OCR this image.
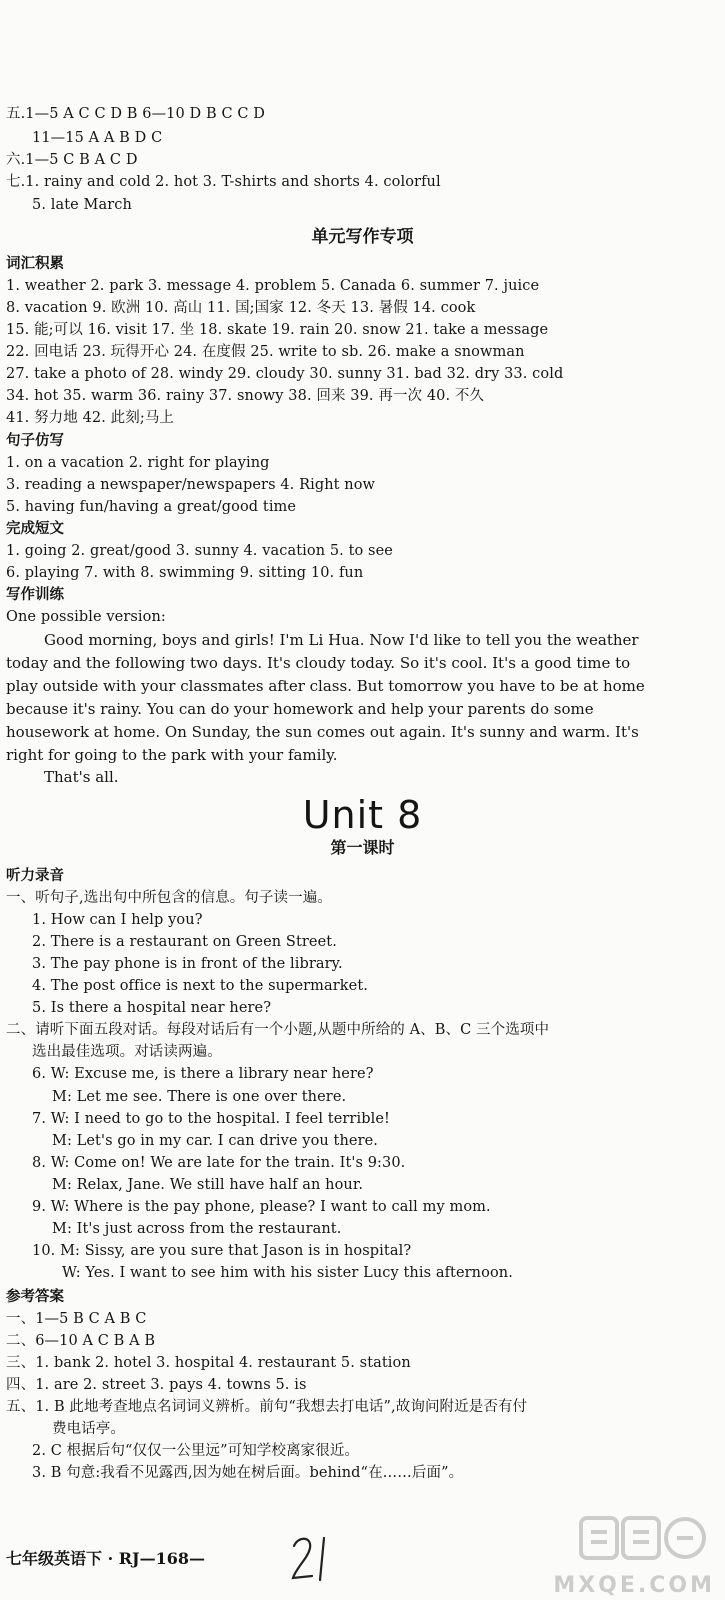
五.1—5 A C C D B 6—10 D B C C D
11—15 A A B D C
六.1—5 C B A C D
七.1. rainy and cold 2. hot 3. T-shirts and shorts 4. colorful
5. late March
单元写作专项
词汇积累
1. weather 2. park 3. message 4. problem 5. Canada 6. summer 7. juice
8. vacation 9. 欧洲 10. 高山 11. 国;国家 12. 冬天 13. 暑假 14. cook
15. 能;可以 16. visit 17. 坐 18. skate 19. rain 20. snow 21. take a message
22. 回电话 23. 玩得开心 24. 在度假 25. write to sb. 26. make a snowman
27. take a photo of 28. windy 29. cloudy 30. sunny 31. bad 32. dry 33. cold
34. hot 35. warm 36. rainy 37. snowy 38. 回来 39. 再一次 40. 不久
41. 努力地 42. 此刻;马上
句子仿写
1. on a vacation 2. right for playing
3. reading a newspaper/newspapers 4. Right now
5. having fun/having a great/good time
完成短文
1. going 2. great/good 3. sunny 4. vacation 5. to see
6. playing 7. with 8. swimming 9. sitting 10. fun
写作训练
One possible version:
Good morning, boys and girls! I'm Li Hua. Now I'd like to tell you the weather
today and the following two days. It's cloudy today. So it's cool. It's a good time to
play outside with your classmates after class. But tomorrow you have to be at home
because it's rainy. You can do your homework and help your parents do some
housework at home. On Sunday, the sun comes out again. It's sunny and warm. It's
right for going to the park with your family.
That's all.
Unit 8
第一课时
听力录音
一、听句子,选出句中所包含的信息。句子读一遍。
1. How can I help you?
2. There is a restaurant on Green Street.
3. The pay phone is in front of the library.
4. The post office is next to the supermarket.
5. Is there a hospital near here?
二、请听下面五段对话。每段对话后有一个小题,从题中所给的 A、B、C 三个选项中
选出最佳选项。对话读两遍。
6. W: Excuse me, is there a library near here?
M: Let me see. There is one over there.
7. W: I need to go to the hospital. I feel terrible!
M: Let's go in my car. I can drive you there.
8. W: Come on! We are late for the train. It's 9:30.
M: Relax, Jane. We still have half an hour.
9. W: Where is the pay phone, please? I want to call my mom.
M: It's just across from the restaurant.
10. M: Sissy, are you sure that Jason is in hospital?
W: Yes. I want to see him with his sister Lucy this afternoon.
参考答案
一、1—5 B C A B C
二、6—10 A C B A B
三、1. bank 2. hotel 3. hospital 4. restaurant 5. station
四、1. are 2. street 3. pays 4. towns 5. is
五、1. B 此地考查地点名词词义辨析。前句“我想去打电话”,故询问附近是否有付
费电话亭。
2. C 根据后句“仅仅一公里远”可知学校离家很近。
3. B 句意:我看不见露西,因为她在树后面。behind“在……后面”。
七年级英语下 · RJ—168—
MXQE.COM
